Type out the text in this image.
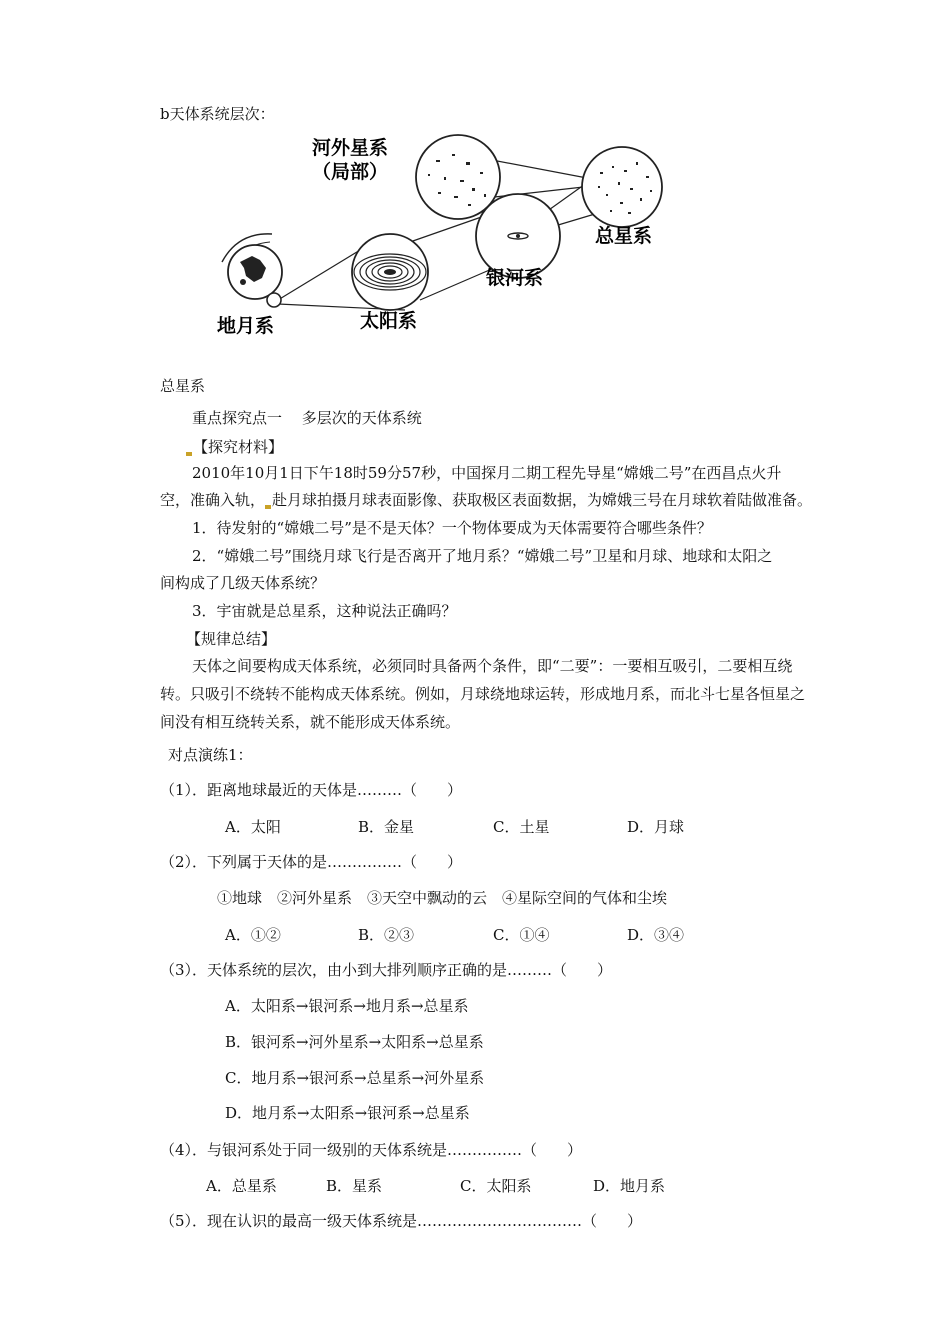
b天体系统层次：
河外星系
（局部）
总星系
银河系
太阳系
地月系
总星系
重点探究点一　 多层次的天体系统
【探究材料】
2010年10月1日下午18时59分57秒，中国探月二期工程先导星“嫦娥二号”在西昌点火升
空，准确入轨， 赴月球拍摄月球表面影像、获取极区表面数据，为嫦娥三号在月球软着陆做准备。
1．待发射的“嫦娥二号”是不是天体？一个物体要成为天体需要符合哪些条件？
2．“嫦娥二号”围绕月球飞行是否离开了地月系？“嫦娥二号”卫星和月球、地球和太阳之
间构成了几级天体系统？
3．宇宙就是总星系，这种说法正确吗？
【规律总结】
天体之间要构成天体系统，必须同时具备两个条件，即“二要”：一要相互吸引，二要相互绕
转。只吸引不绕转不能构成天体系统。例如，月球绕地球运转，形成地月系，而北斗七星各恒星之
间没有相互绕转关系，就不能形成天体系统。
对点演练1：
（1）．距离地球最近的天体是………（　　）
A．太阳	B．金星	C．土星	D．月球
（2）．下列属于天体的是……………（　　）
①地球　②河外星系　③天空中飘动的云　④星际空间的气体和尘埃
A．①②	B．②③	C．①④	D．③④
（3）．天体系统的层次，由小到大排列顺序正确的是………（　　）
A．太阳系→银河系→地月系→总星系
B．银河系→河外星系→太阳系→总星系
C．地月系→银河系→总星系→河外星系
D．地月系→太阳系→银河系→总星系
（4）．与银河系处于同一级别的天体系统是……………（　　）
A．总星系	B．星系	C．太阳系	D．地月系
（5）．现在认识的最高一级天体系统是……………………………（　　）
